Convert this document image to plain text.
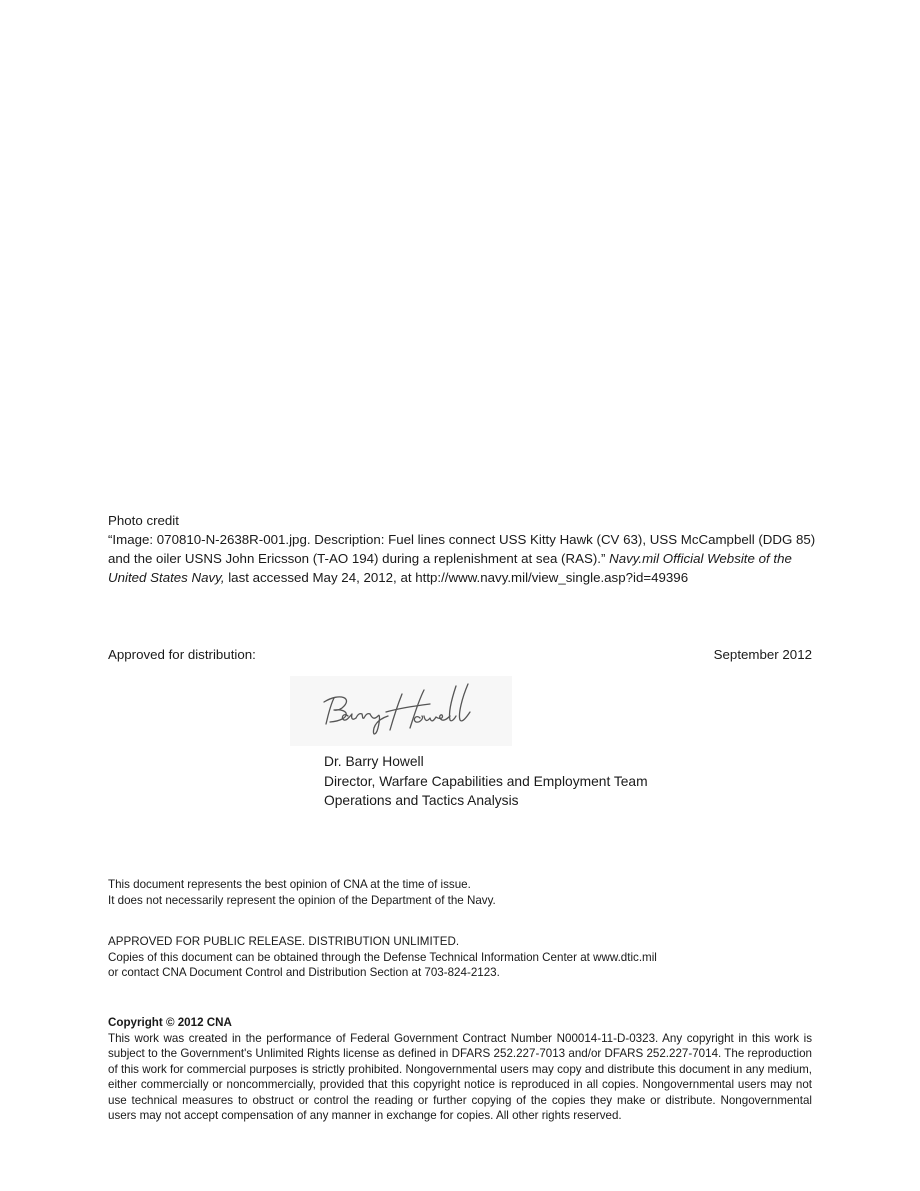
Photo credit

“Image: 070810-N-2638R-001.jpg. Description: Fuel lines connect USS Kitty Hawk (CV 63), USS McCampbell (DDG 85) and the oiler USNS John Ericsson (T-AO 194) during a replenishment at sea (RAS).” Navy.mil Official Website of the United States Navy, last accessed May 24, 2012, at http://www.navy.mil/view_single.asp?id=49396

Approved for distribution:	September 2012
Dr. Barry Howell
Director, Warfare Capabilities and Employment Team
Operations and Tactics Analysis
This document represents the best opinion of CNA at the time of issue.
It does not necessarily represent the opinion of the Department of the Navy.
APPROVED FOR PUBLIC RELEASE. DISTRIBUTION UNLIMITED.
Copies of this document can be obtained through the Defense Technical Information Center at www.dtic.mil
or contact CNA Document Control and Distribution Section at 703-824-2123.
Copyright © 2012 CNA
This work was created in the performance of Federal Government Contract Number N00014-11-D-0323. Any copyright in this work is subject to the Government's Unlimited Rights license as defined in DFARS 252.227-7013 and/or DFARS 252.227-7014. The reproduction of this work for commercial purposes is strictly prohibited. Nongovernmental users may copy and distribute this document in any medium, either commercially or noncommercially, provided that this copyright notice is reproduced in all copies. Nongovernmental users may not use technical measures to obstruct or control the reading or further copying of the copies they make or distribute. Nongovernmental users may not accept compensation of any manner in exchange for copies. All other rights reserved.
